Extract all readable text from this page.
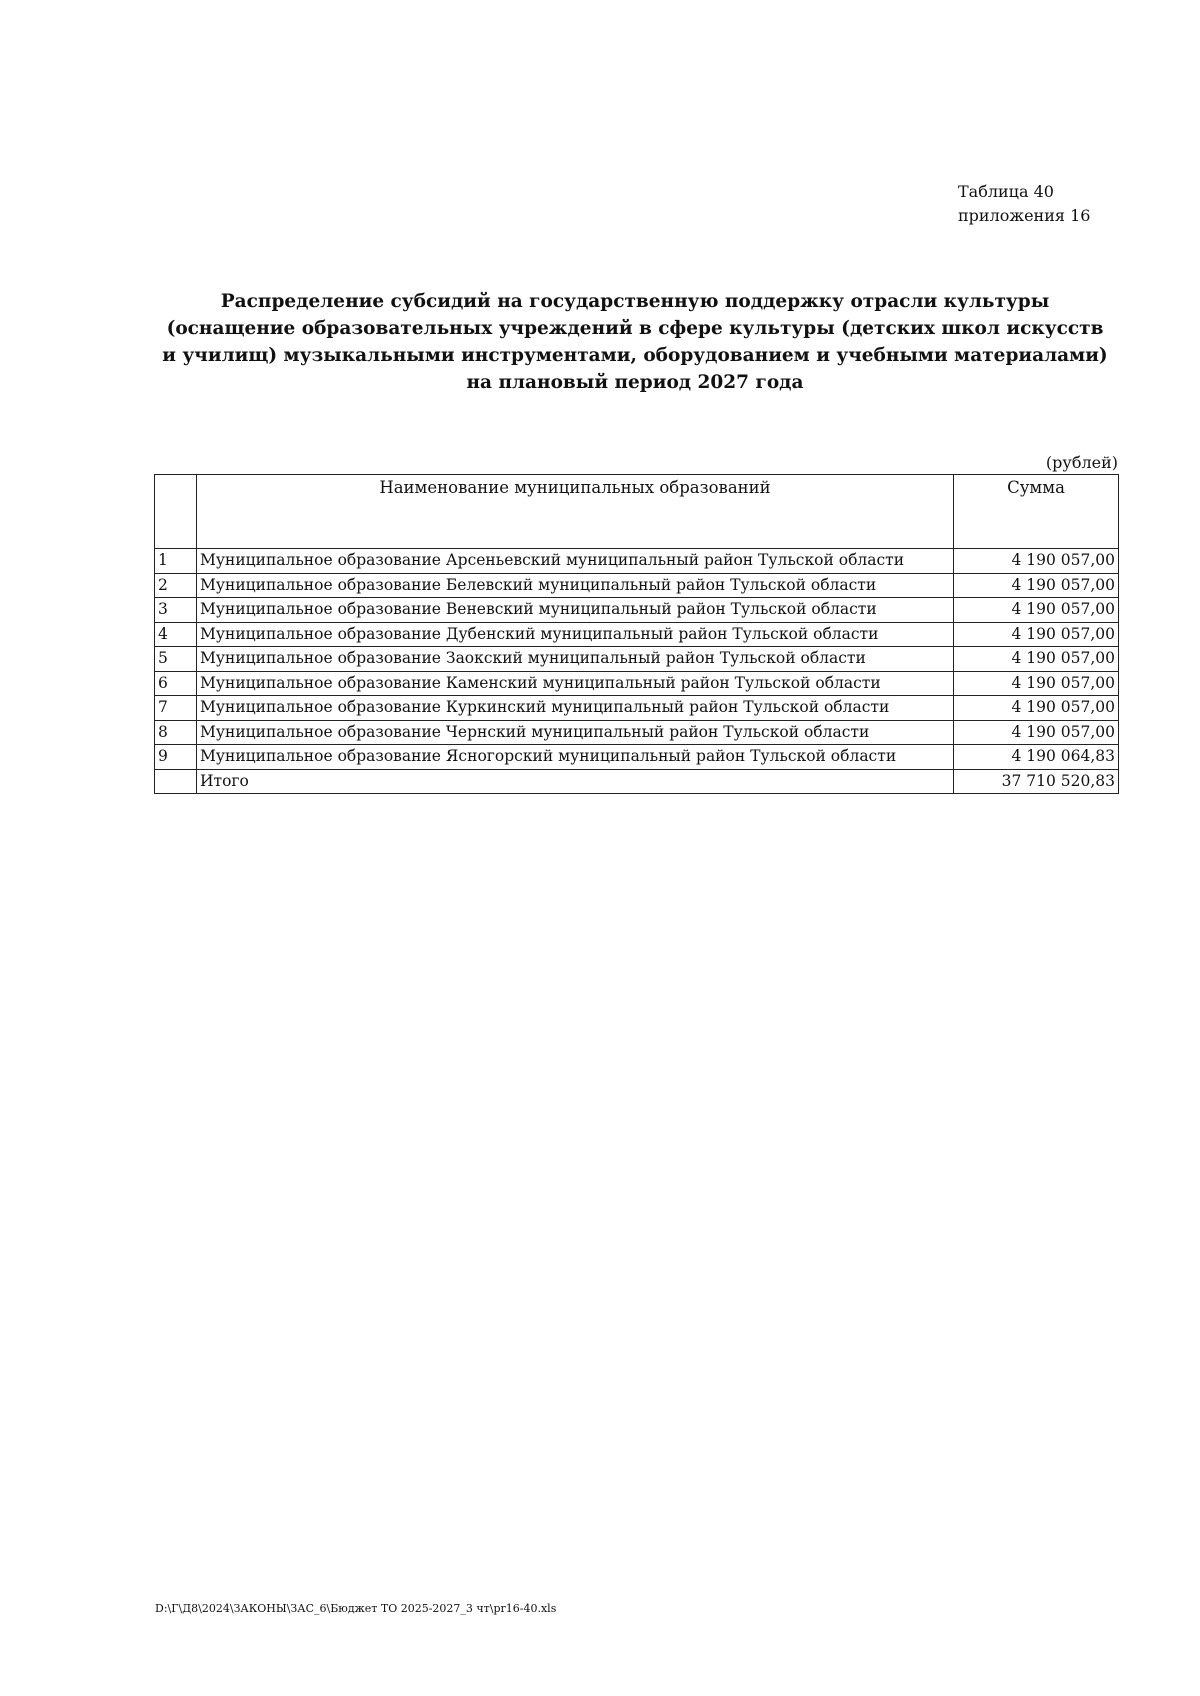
Таблица 40
приложения 16
Распределение субсидий на государственную поддержку отрасли культуры (оснащение образовательных учреждений в сфере культуры (детских школ искусств и училищ) музыкальными инструментами, оборудованием и учебными материалами) на плановый период 2027 года
(рублей)
	Наименование муниципальных образований	Сумма
1	Муниципальное образование Арсеньевский муниципальный район Тульской области	4 190 057,00
2	Муниципальное образование Белевский муниципальный район Тульской области	4 190 057,00
3	Муниципальное образование Веневский муниципальный район Тульской области	4 190 057,00
4	Муниципальное образование Дубенский муниципальный район Тульской области	4 190 057,00
5	Муниципальное образование Заокский муниципальный район Тульской области	4 190 057,00
6	Муниципальное образование Каменский муниципальный район Тульской области	4 190 057,00
7	Муниципальное образование Куркинский муниципальный район Тульской области	4 190 057,00
8	Муниципальное образование Чернский муниципальный район Тульской области	4 190 057,00
9	Муниципальное образование Ясногорский муниципальный район Тульской области	4 190 064,83
	Итого	37 710 520,83
D:\Г\Д8\2024\ЗАКОНЫ\ЗАС_6\Бюджет ТО 2025-2027_3 чт\pr16-40.xls
